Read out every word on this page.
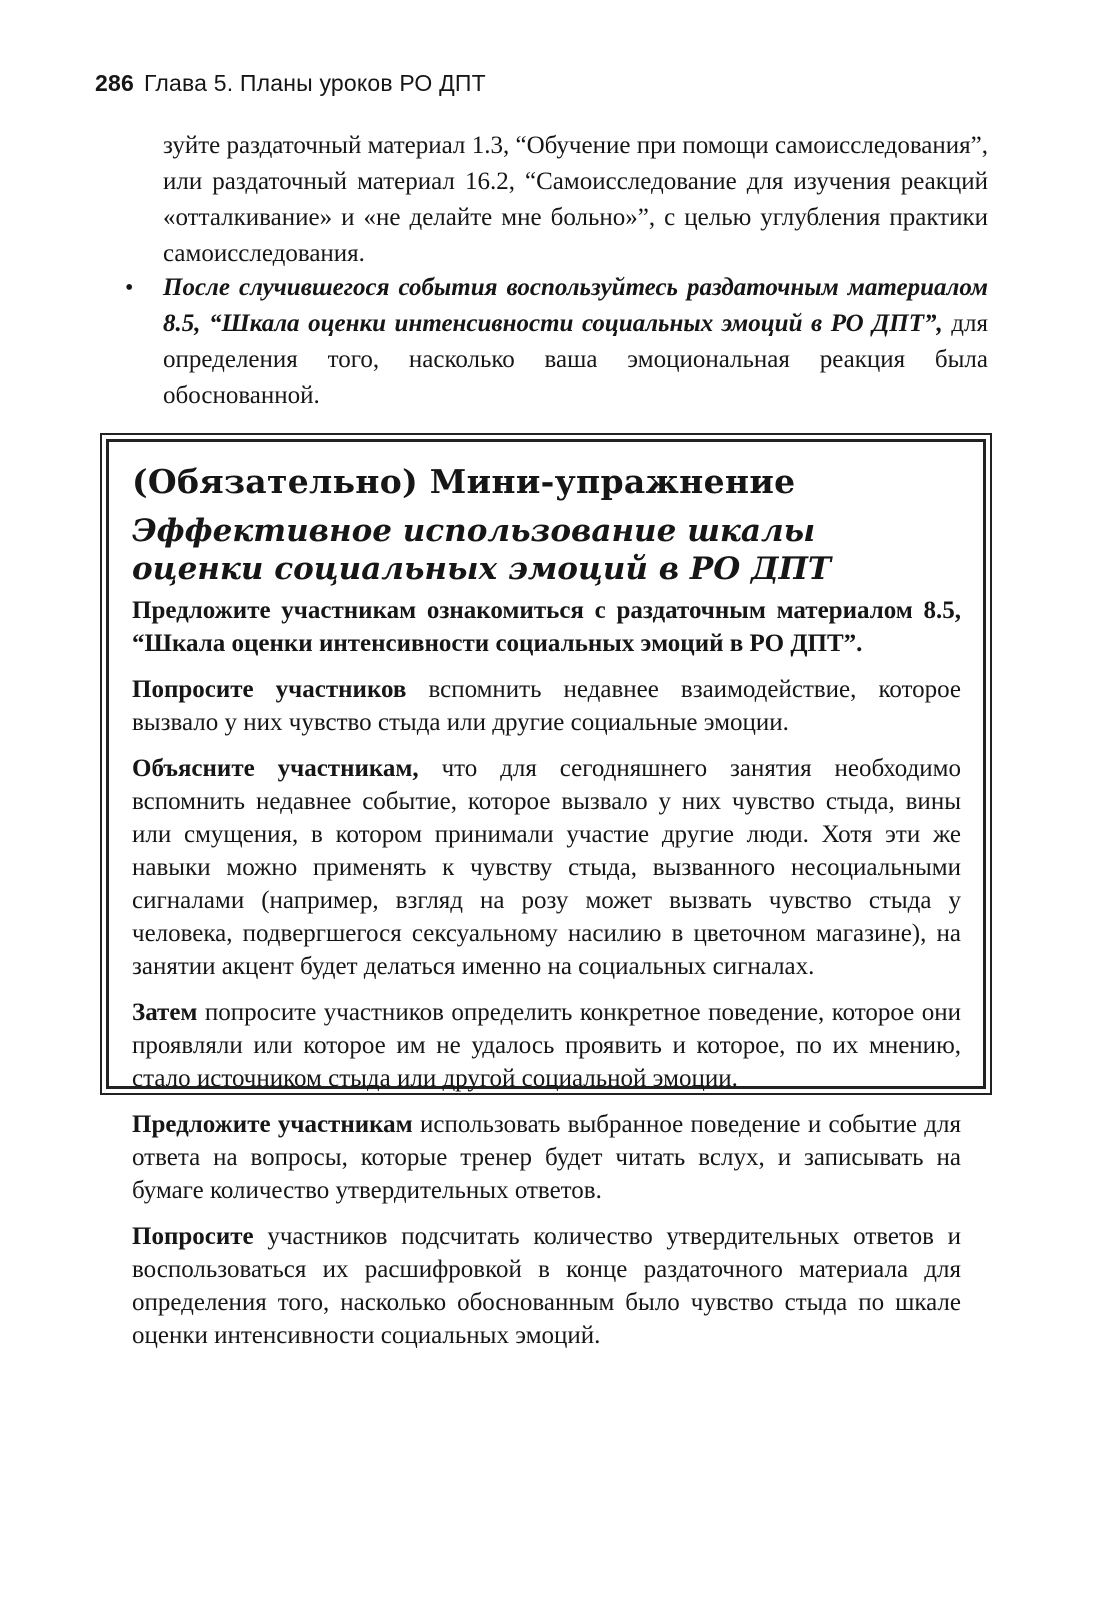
286 Глава 5. Планы уроков РО ДПТ

зуйте раздаточный материал 1.3, “Обучение при помощи самоисследования”, или раздаточный материал 16.2, “Самоисследование для изучения реакций «отталкивание» и «не делайте мне больно»”, с целью углубления практики самоисследования.

• После случившегося события воспользуйтесь раздаточным материалом 8.5, “Шкала оценки интенсивности социальных эмоций в РО ДПТ”, для определения того, насколько ваша эмоциональная реакция была обоснованной.

(Обязательно) Мини-упражнение
Эффективное использование шкалы
оценки социальных эмоций в РО ДПТ

Предложите участникам ознакомиться с раздаточным материалом 8.5, “Шкала оценки интенсивности социальных эмоций в РО ДПТ”.

Попросите участников вспомнить недавнее взаимодействие, которое вызвало у них чувство стыда или другие социальные эмоции.

Объясните участникам, что для сегодняшнего занятия необходимо вспомнить недавнее событие, которое вызвало у них чувство стыда, вины или смущения, в котором принимали участие другие люди. Хотя эти же навыки можно применять к чувству стыда, вызванного несоциальными сигналами (например, взгляд на розу может вызвать чувство стыда у человека, подвергшегося сексуальному насилию в цветочном магазине), на занятии акцент будет делаться именно на социальных сигналах.

Затем попросите участников определить конкретное поведение, которое они проявляли или которое им не удалось проявить и которое, по их мнению, стало источником стыда или другой социальной эмоции.

Предложите участникам использовать выбранное поведение и событие для ответа на вопросы, которые тренер будет читать вслух, и записывать на бумаге количество утвердительных ответов.

Попросите участников подсчитать количество утвердительных ответов и воспользоваться их расшифровкой в конце раздаточного материала для определения того, насколько обоснованным было чувство стыда по шкале оценки интенсивности социальных эмоций.
